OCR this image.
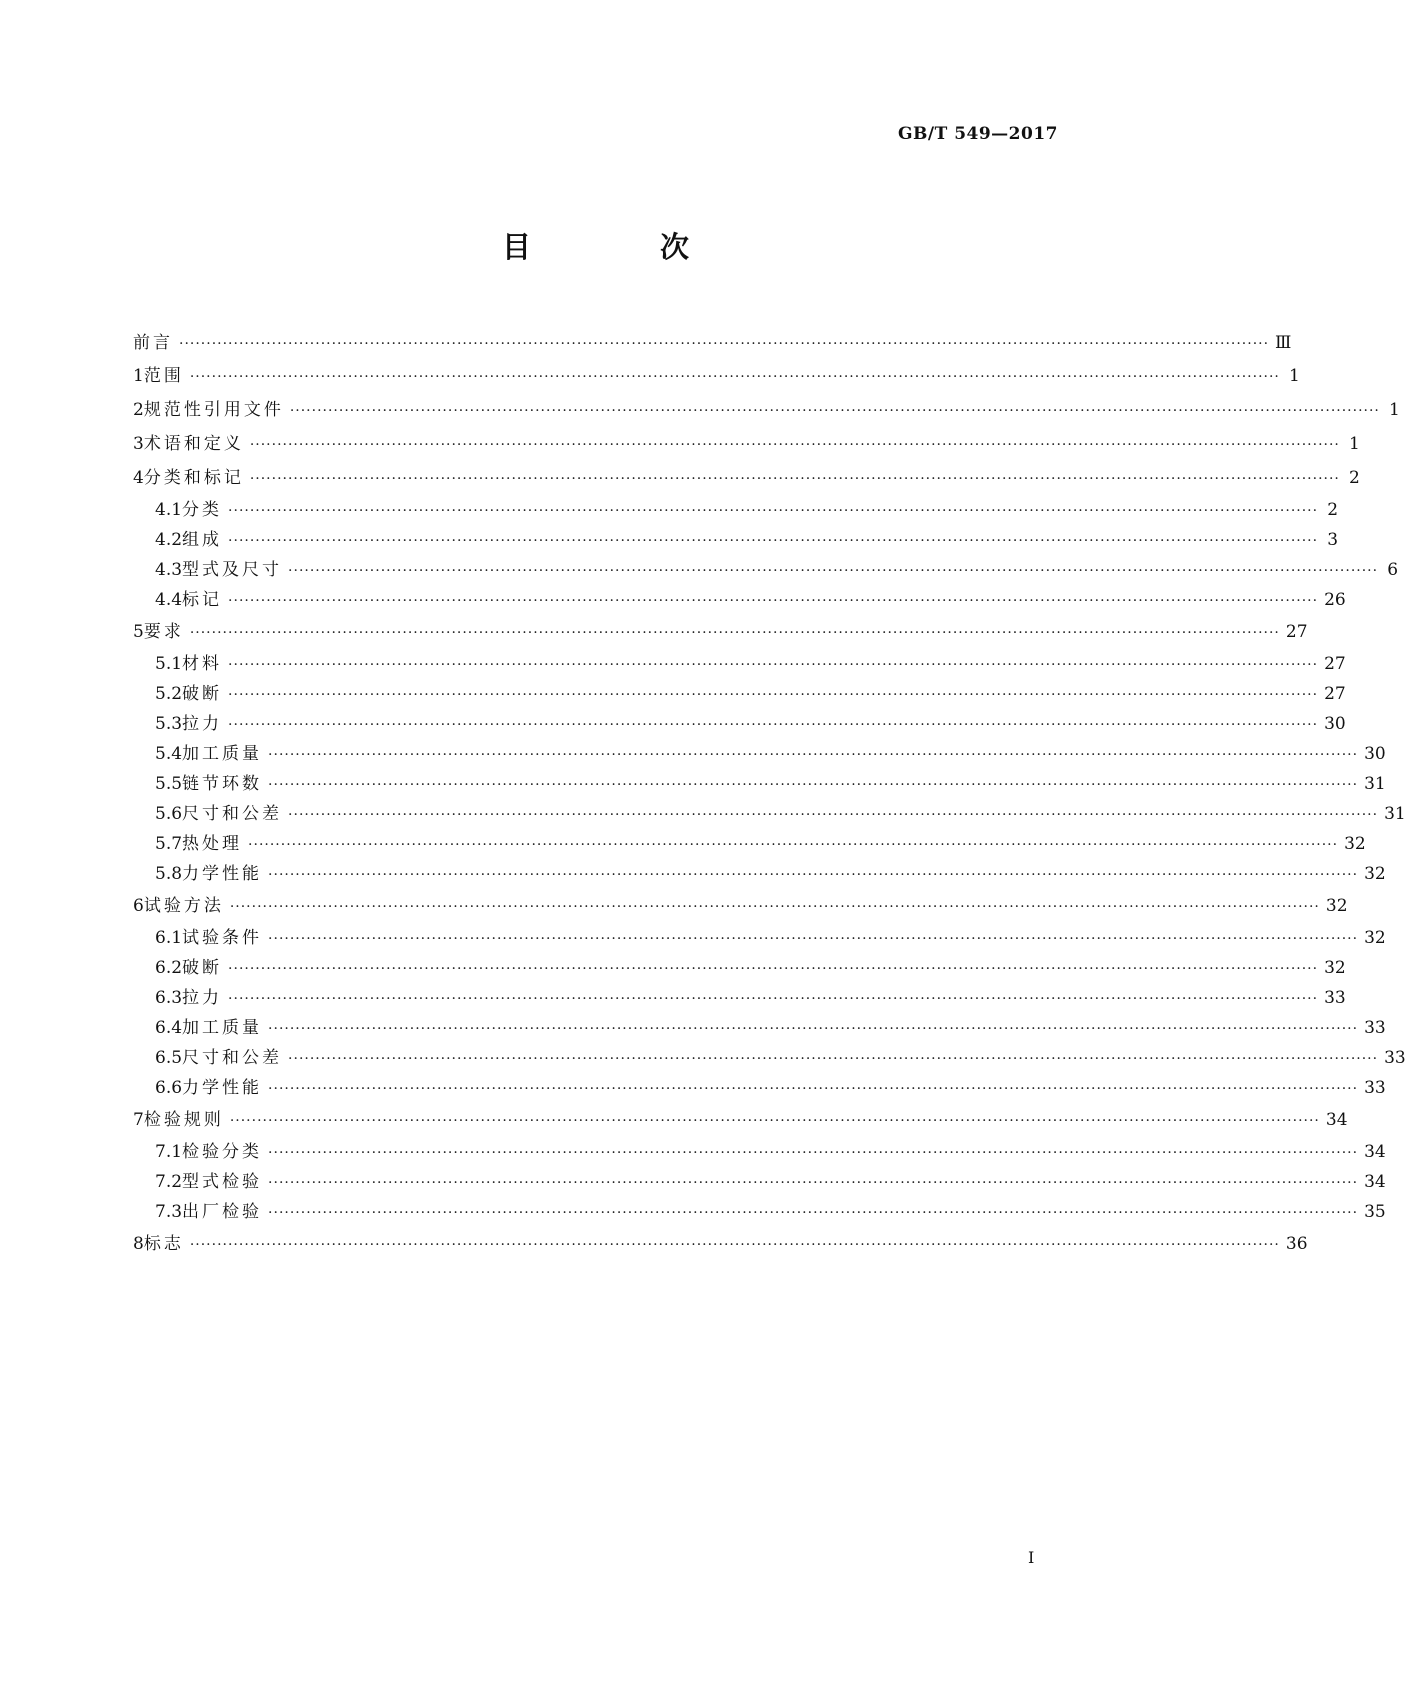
GB/T 549—2017
目　次
前言 ········································································································································································································ Ⅲ
1 范围 ········································································································································································································ 1
2 规范性引用文件 ········································································································································································································ 1
3 术语和定义 ········································································································································································································ 1
4 分类和标记 ········································································································································································································ 2
4.1 分类 ········································································································································································································ 2
4.2 组成 ········································································································································································································ 3
4.3 型式及尺寸 ········································································································································································································ 6
4.4 标记 ········································································································································································································ 26
5 要求 ········································································································································································································ 27
5.1 材料 ········································································································································································································ 27
5.2 破断 ········································································································································································································ 27
5.3 拉力 ········································································································································································································ 30
5.4 加工质量 ········································································································································································································ 30
5.5 链节环数 ········································································································································································································ 31
5.6 尺寸和公差 ········································································································································································································ 31
5.7 热处理 ········································································································································································································ 32
5.8 力学性能 ········································································································································································································ 32
6 试验方法 ········································································································································································································ 32
6.1 试验条件 ········································································································································································································ 32
6.2 破断 ········································································································································································································ 32
6.3 拉力 ········································································································································································································ 33
6.4 加工质量 ········································································································································································································ 33
6.5 尺寸和公差 ········································································································································································································ 33
6.6 力学性能 ········································································································································································································ 33
7 检验规则 ········································································································································································································ 34
7.1 检验分类 ········································································································································································································ 34
7.2 型式检验 ········································································································································································································ 34
7.3 出厂检验 ········································································································································································································ 35
8 标志 ········································································································································································································ 36
I
